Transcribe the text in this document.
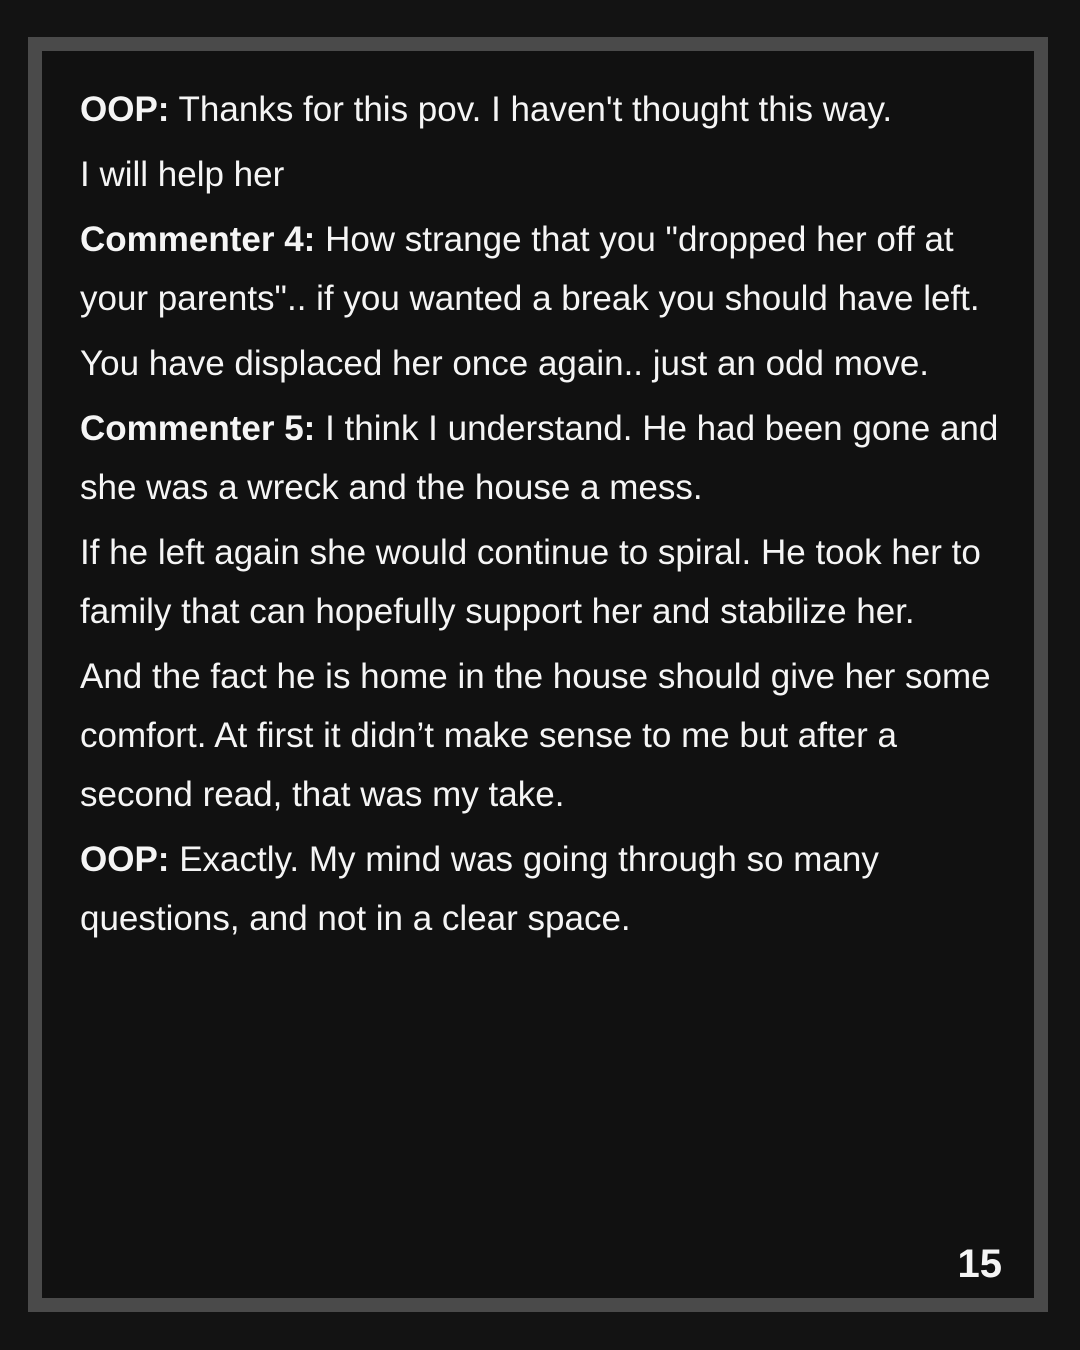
OOP: Thanks for this pov. I haven't thought this way.

I will help her

Commenter 4: How strange that you "dropped her off at your parents".. if you wanted a break you should have left.

You have displaced her once again.. just an odd move.

Commenter 5: I think I understand. He had been gone and she was a wreck and the house a mess.

If he left again she would continue to spiral. He took her to family that can hopefully support her and stabilize her.

And the fact he is home in the house should give her some comfort. At first it didn’t make sense to me but after a second read, that was my take.

OOP: Exactly. My mind was going through so many questions, and not in a clear space.

15
